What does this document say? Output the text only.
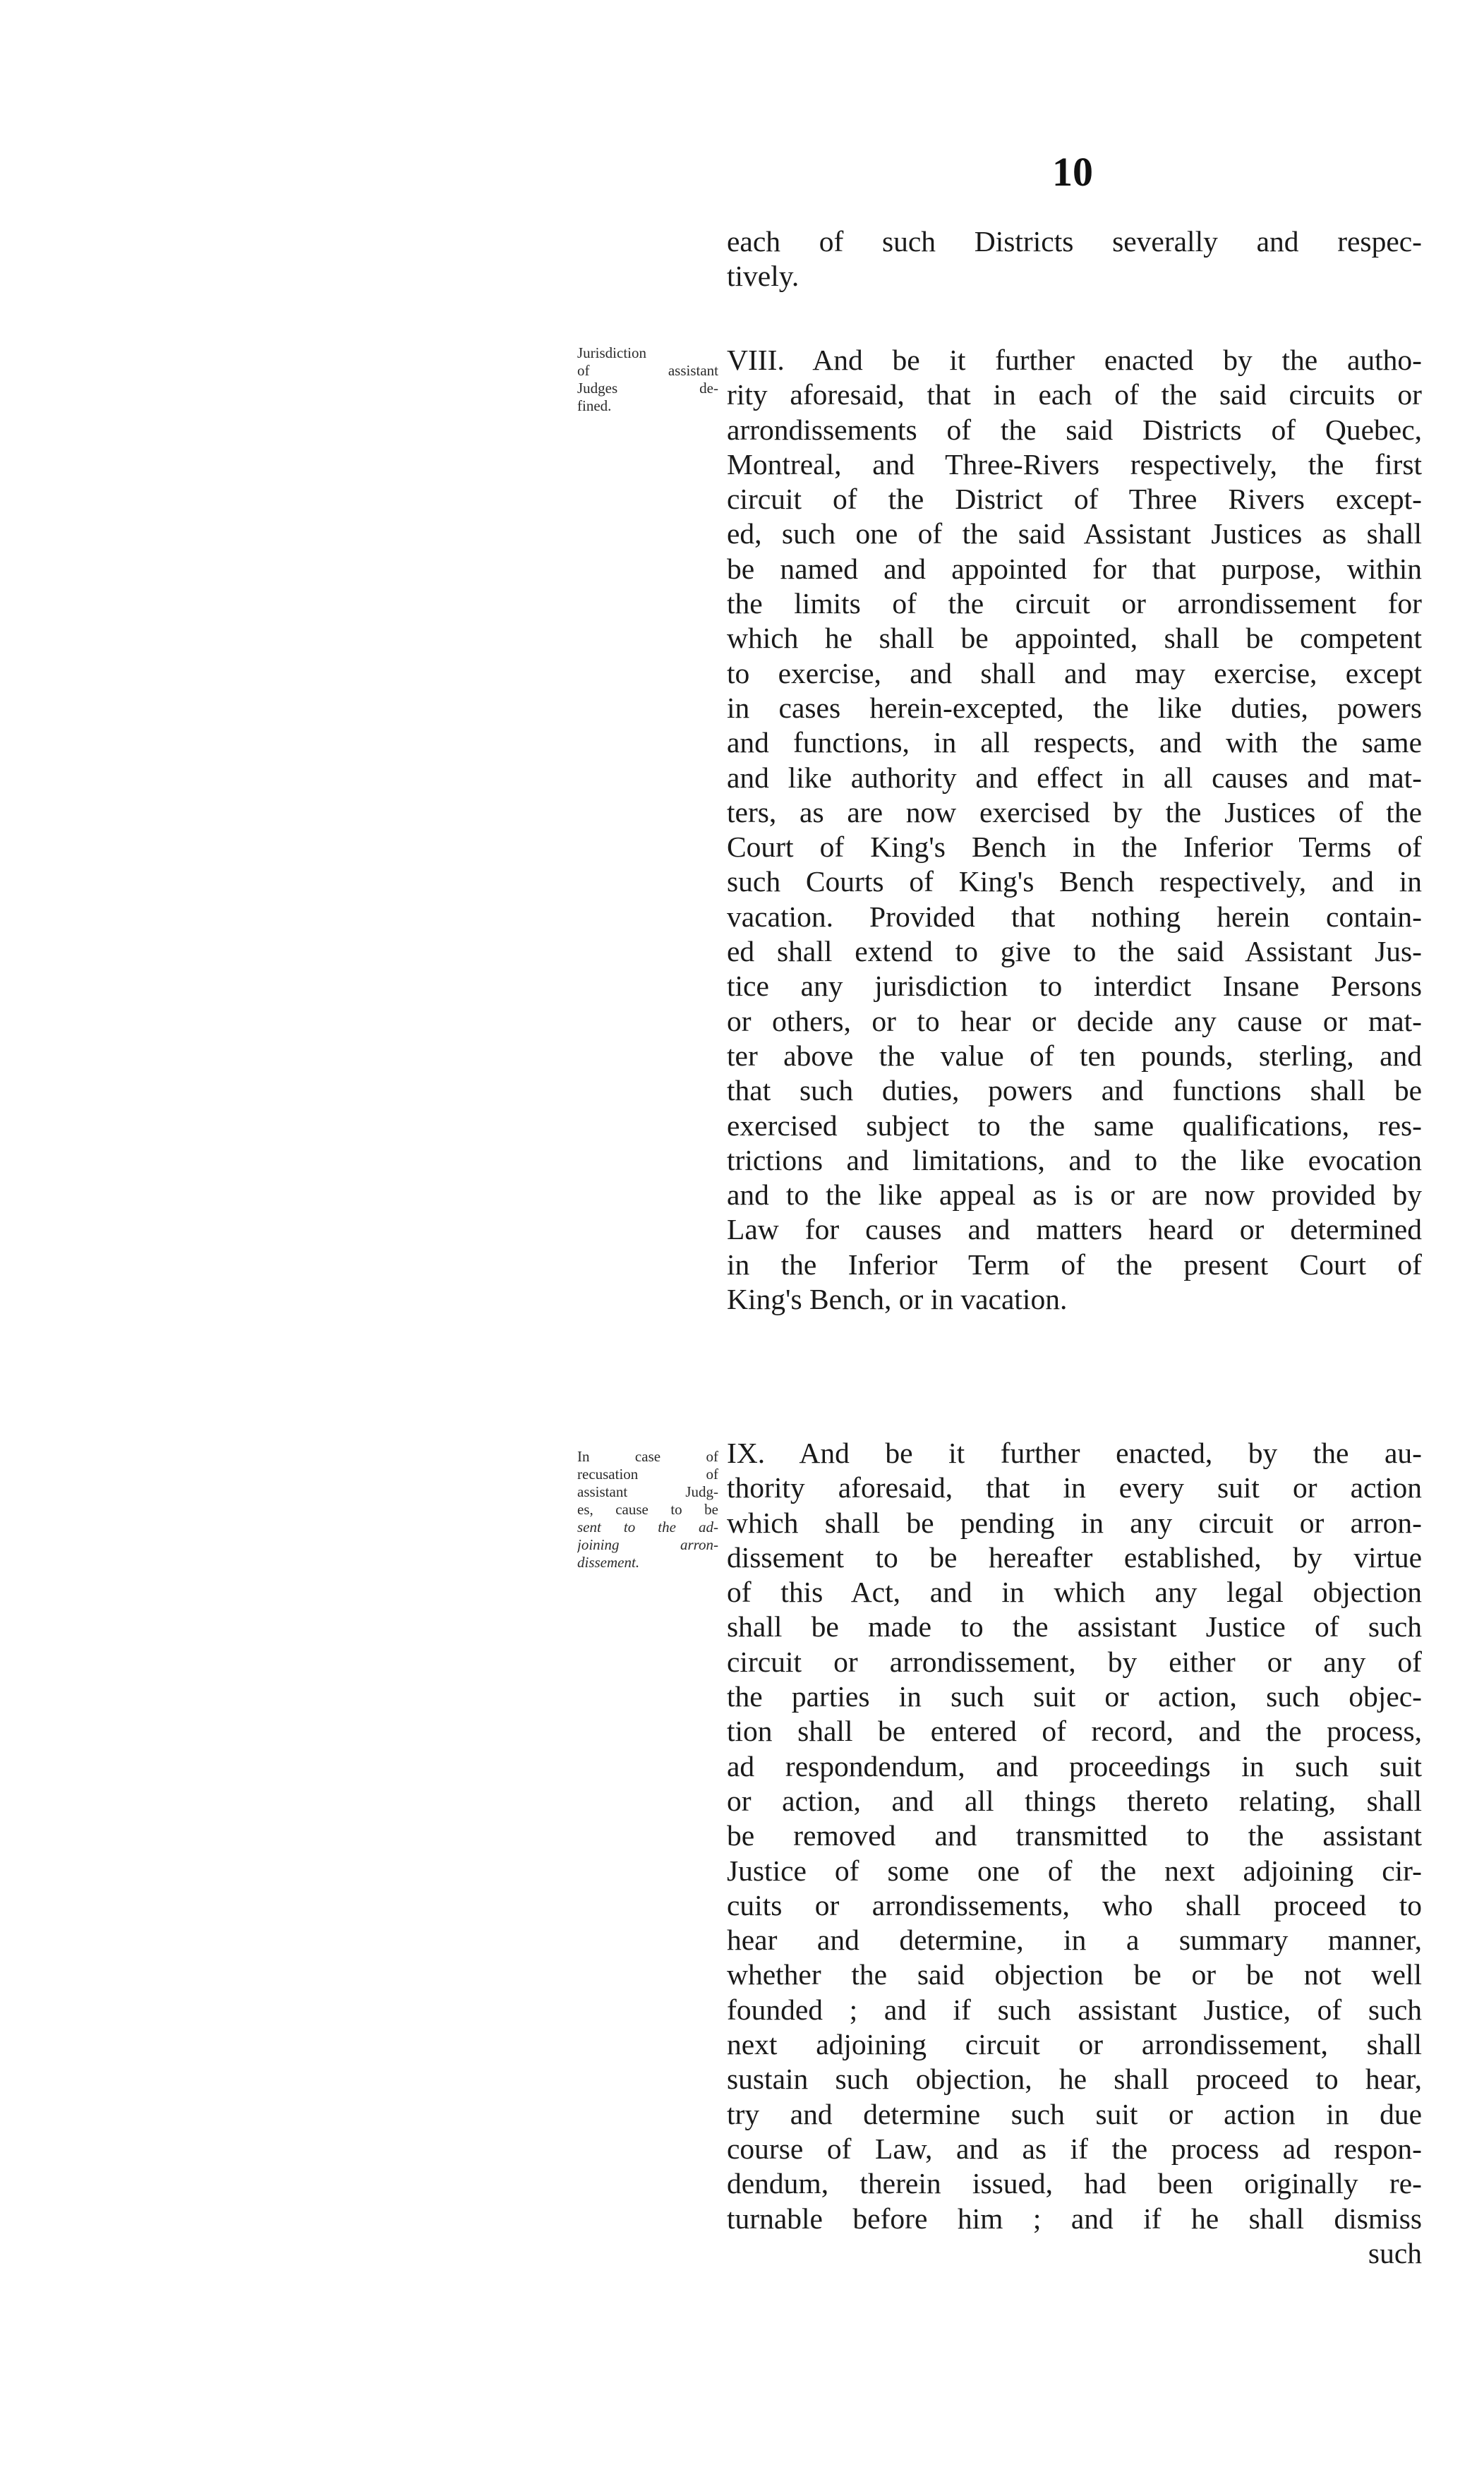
10
each of such Districts severally and respec-
tively.
Jurisdiction
of assistant
Judges de-
fined.
VIII. And be it further enacted by the autho-
rity aforesaid, that in each of the said circuits or
arrondissements of the said Districts of Quebec,
Montreal, and Three-Rivers respectively, the first
circuit of the District of Three Rivers except-
ed, such one of the said Assistant Justices as shall
be named and appointed for that purpose, within
the limits of the circuit or arrondissement for
which he shall be appointed, shall be competent
to exercise, and shall and may exercise, except
in cases herein-excepted, the like duties, powers
and functions, in all respects, and with the same
and like authority and effect in all causes and mat-
ters, as are now exercised by the Justices of the
Court of King's Bench in the Inferior Terms of
such Courts of King's Bench respectively, and in
vacation. Provided that nothing herein contain-
ed shall extend to give to the said Assistant Jus-
tice any jurisdiction to interdict Insane Persons
or others, or to hear or decide any cause or mat-
ter above the value of ten pounds, sterling, and
that such duties, powers and functions shall be
exercised subject to the same qualifications, res-
trictions and limitations, and to the like evocation
and to the like appeal as is or are now provided by
Law for causes and matters heard or determined
in the Inferior Term of the present Court of
King's Bench, or in vacation.
In case of
recusation of
assistant Judg-
es, cause to be
sent to the ad-
joining arron-
dissement.
IX. And be it further enacted, by the au-
thority aforesaid, that in every suit or action
which shall be pending in any circuit or arron-
dissement to be hereafter established, by virtue
of this Act, and in which any legal objection
shall be made to the assistant Justice of such
circuit or arrondissement, by either or any of
the parties in such suit or action, such objec-
tion shall be entered of record, and the process,
ad respondendum, and proceedings in such suit
or action, and all things thereto relating, shall
be removed and transmitted to the assistant
Justice of some one of the next adjoining cir-
cuits or arrondissements, who shall proceed to
hear and determine, in a summary manner,
whether the said objection be or be not well
founded ; and if such assistant Justice, of such
next adjoining circuit or arrondissement, shall
sustain such objection, he shall proceed to hear,
try and determine such suit or action in due
course of Law, and as if the process ad respon-
dendum, therein issued, had been originally re-
turnable before him ; and if he shall dismiss
such
